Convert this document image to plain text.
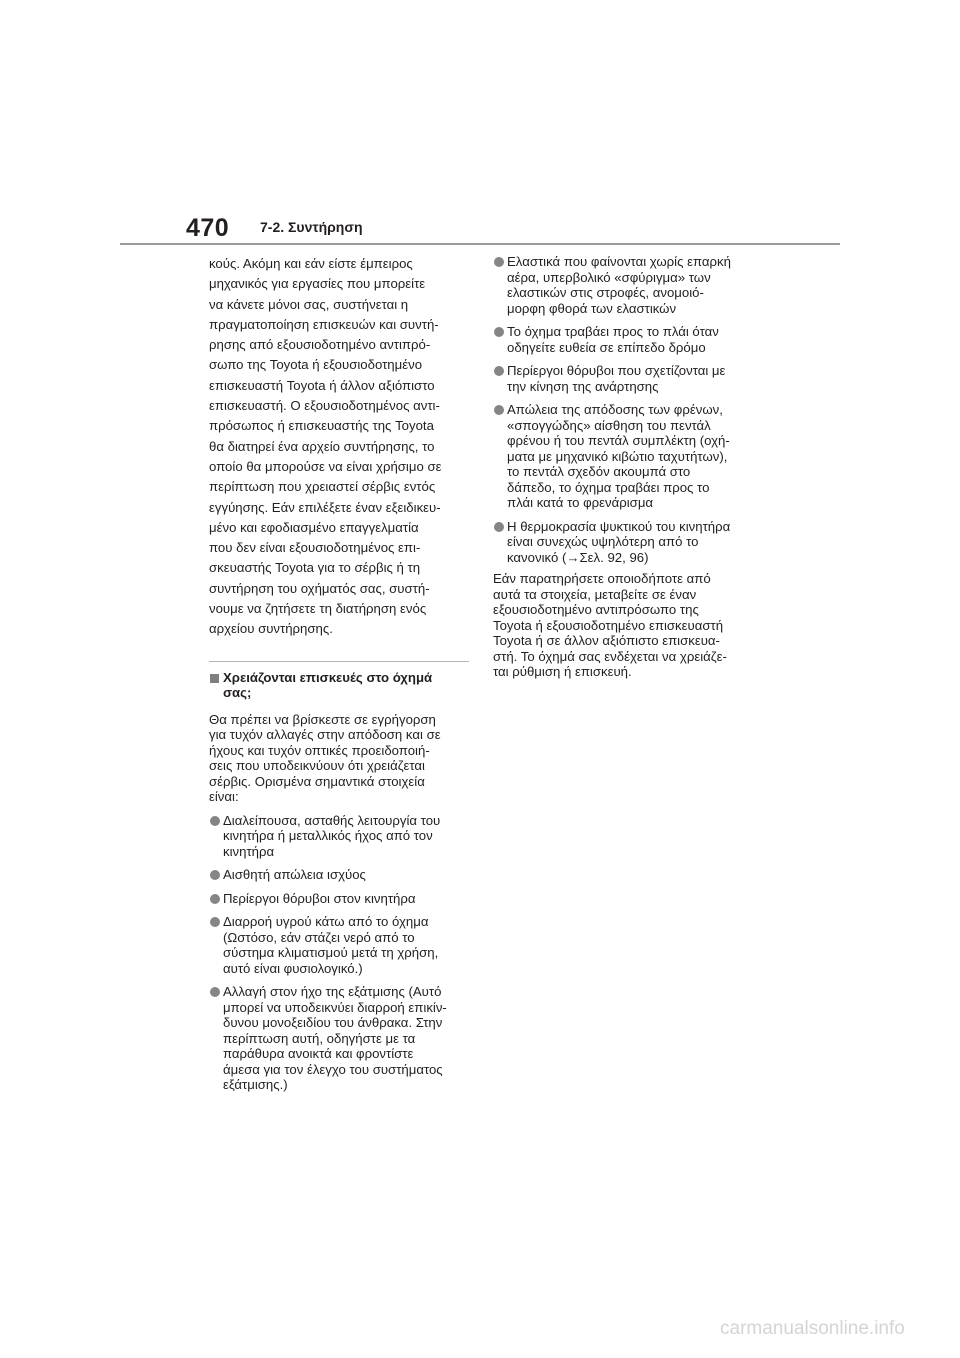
470 7-2. Συντήρηση

κούς. Ακόμη και εάν είστε έμπειρος
μηχανικός για εργασίες που μπορείτε
να κάνετε μόνοι σας, συστήνεται η
πραγματοποίηση επισκευών και συντή-
ρησης από εξουσιοδοτημένο αντιπρό-
σωπο της Toyota ή εξουσιοδοτημένο
επισκευαστή Toyota ή άλλον αξιόπιστο
επισκευαστή. Ο εξουσιοδοτημένος αντι-
πρόσωπος ή επισκευαστής της Toyota
θα διατηρεί ένα αρχείο συντήρησης, το
οποίο θα μπορούσε να είναι χρήσιμο σε
περίπτωση που χρειαστεί σέρβις εντός
εγγύησης. Εάν επιλέξετε έναν εξειδικευ-
μένο και εφοδιασμένο επαγγελματία
που δεν είναι εξουσιοδοτημένος επι-
σκευαστής Toyota για το σέρβις ή τη
συντήρηση του οχήματός σας, συστή-
νουμε να ζητήσετε τη διατήρηση ενός
αρχείου συντήρησης.

Χρειάζονται επισκευές στο όχημά
σας;

Θα πρέπει να βρίσκεστε σε εγρήγορση
για τυχόν αλλαγές στην απόδοση και σε
ήχους και τυχόν οπτικές προειδοποιή-
σεις που υποδεικνύουν ότι χρειάζεται
σέρβις. Ορισμένα σημαντικά στοιχεία
είναι:

Διαλείπουσα, ασταθής λειτουργία του
κινητήρα ή μεταλλικός ήχος από τον
κινητήρα
Αισθητή απώλεια ισχύος
Περίεργοι θόρυβοι στον κινητήρα
Διαρροή υγρού κάτω από το όχημα
(Ωστόσο, εάν στάζει νερό από το
σύστημα κλιματισμού μετά τη χρήση,
αυτό είναι φυσιολογικό.)
Αλλαγή στον ήχο της εξάτμισης (Αυτό
μπορεί να υποδεικνύει διαρροή επικίν-
δυνου μονοξειδίου του άνθρακα. Στην
περίπτωση αυτή, οδηγήστε με τα
παράθυρα ανοικτά και φροντίστε
άμεσα για τον έλεγχο του συστήματος
εξάτμισης.)
Ελαστικά που φαίνονται χωρίς επαρκή
αέρα, υπερβολικό «σφύριγμα» των
ελαστικών στις στροφές, ανομοιό-
μορφη φθορά των ελαστικών
Το όχημα τραβάει προς το πλάι όταν
οδηγείτε ευθεία σε επίπεδο δρόμο
Περίεργοι θόρυβοι που σχετίζονται με
την κίνηση της ανάρτησης
Απώλεια της απόδοσης των φρένων,
«σπογγώδης» αίσθηση του πεντάλ
φρένου ή του πεντάλ συμπλέκτη (οχή-
ματα με μηχανικό κιβώτιο ταχυτήτων),
το πεντάλ σχεδόν ακουμπά στο
δάπεδο, το όχημα τραβάει προς το
πλάι κατά το φρενάρισμα
Η θερμοκρασία ψυκτικού του κινητήρα
είναι συνεχώς υψηλότερη από το
κανονικό (→Σελ. 92, 96)

Εάν παρατηρήσετε οποιοδήποτε από
αυτά τα στοιχεία, μεταβείτε σε έναν
εξουσιοδοτημένο αντιπρόσωπο της
Toyota ή εξουσιοδοτημένο επισκευαστή
Toyota ή σε άλλον αξιόπιστο επισκευα-
στή. Το όχημά σας ενδέχεται να χρειάζε-
ται ρύθμιση ή επισκευή.

carmanualsonline.info
